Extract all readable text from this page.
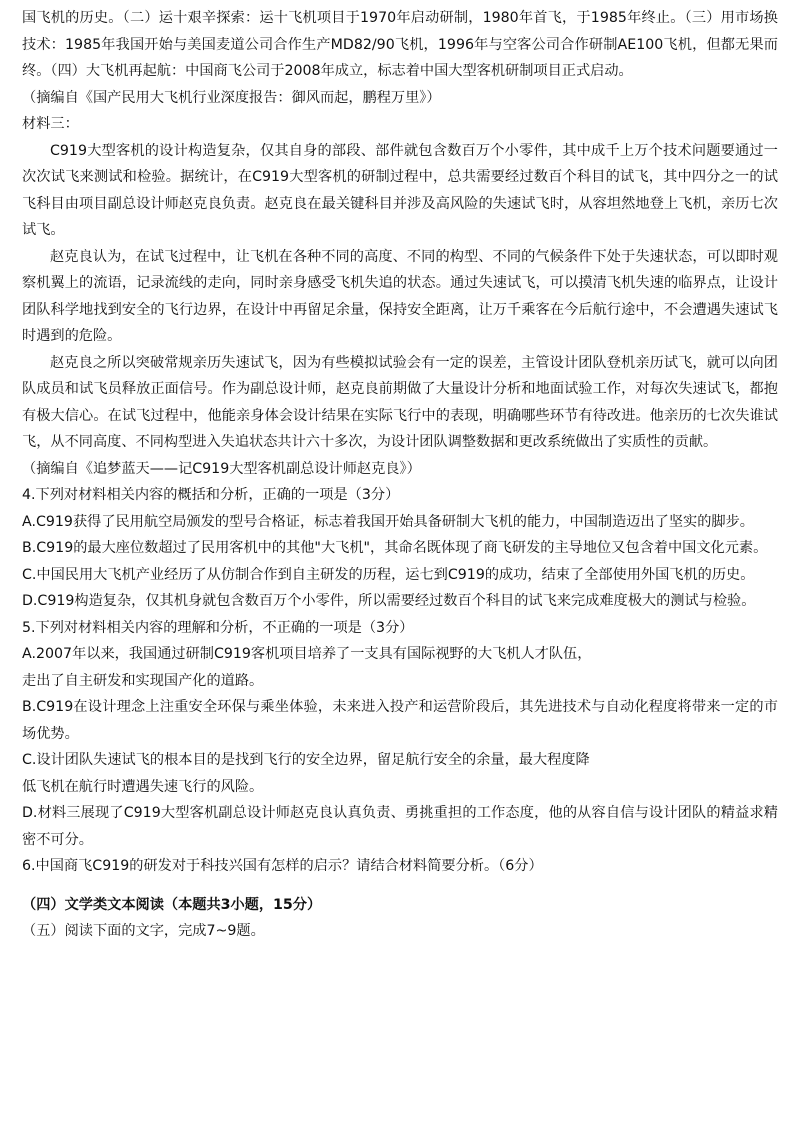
国飞机的历史。（二）运十艰辛探索：运十飞机项目于1970年启动研制，1980年首飞，于1985年终止。（三）用市场换技术：1985年我国开始与美国麦道公司合作生产MD82/90飞机，1996年与空客公司合作研制AE100飞机，但都无果而终。（四）大飞机再起航：中国商飞公司于2008年成立，标志着中国大型客机研制项目正式启动。
（摘编自《国产民用大飞机行业深度报告：御风而起，鹏程万里》）
材料三：
C919大型客机的设计构造复杂，仅其自身的部段、部件就包含数百万个小零件，其中成千上万个技术问题要通过一次次试飞来测试和检验。据统计，在C919大型客机的研制过程中，总共需要经过数百个科目的试飞，其中四分之一的试飞科目由项目副总设计师赵克良负责。赵克良在最关键科目并涉及高风险的失速试飞时，从容坦然地登上飞机，亲历七次试飞。
赵克良认为，在试飞过程中，让飞机在各种不同的高度、不同的构型、不同的气候条件下处于失速状态，可以即时观察机翼上的流语，记录流线的走向，同时亲身感受飞机失追的状态。通过失速试飞，可以摸清飞机失速的临界点，让设计团队科学地找到安全的飞行边界，在设计中再留足余量，保持安全距离，让万千乘客在今后航行途中，不会遭遇失速试飞时遇到的危险。
赵克良之所以突破常规亲历失速试飞，因为有些模拟试验会有一定的误差，主管设计团队登机亲历试飞，就可以向团队成员和试飞员释放正面信号。作为副总设计师，赵克良前期做了大量设计分析和地面试验工作，对每次失速试飞，都抱有极大信心。在试飞过程中，他能亲身体会设计结果在实际飞行中的表现，明确哪些环节有待改进。他亲历的七次失谁试飞，从不同高度、不同构型进入失追状态共计六十多次，为设计团队调整数据和更改系统做出了实质性的贡献。
（摘编自《追梦蓝天——记C919大型客机副总设计师赵克良》）
4.下列对材料相关内容的概括和分析，正确的一项是（3分）
A.C919获得了民用航空局颁发的型号合格证，标志着我国开始具备研制大飞机的能力，中国制造迈出了坚实的脚步。
B.C919的最大座位数超过了民用客机中的其他"大飞机"，其命名既体现了商飞研发的主导地位又包含着中国文化元素。
C.中国民用大飞机产业经历了从仿制合作到自主研发的历程，运七到C919的成功，结束了全部使用外国飞机的历史。
D.C919构造复杂，仅其机身就包含数百万个小零件，所以需要经过数百个科目的试飞来完成难度极大的测试与检验。
5.下列对材料相关内容的理解和分析，不正确的一项是（3分）
A.2007年以来，我国通过研制C919客机项目培养了一支具有国际视野的大飞机人才队伍，
走出了自主研发和实现国产化的道路。
B.C919在设计理念上注重安全环保与乘坐体验，未来进入投产和运营阶段后，其先进技术与自动化程度将带来一定的市场优势。
C.设计团队失速试飞的根本目的是找到飞行的安全边界，留足航行安全的余量，最大程度降
低飞机在航行时遭遇失速飞行的风险。
D.材料三展现了C919大型客机副总设计师赵克良认真负责、勇挑重担的工作态度，他的从容自信与设计团队的精益求精密不可分。
6.中国商飞C919的研发对于科技兴国有怎样的启示？请结合材料简要分析。（6分）
（四）文学类文本阅读（本题共3小题，15分）
（五）阅读下面的文字，完成7~9题。
